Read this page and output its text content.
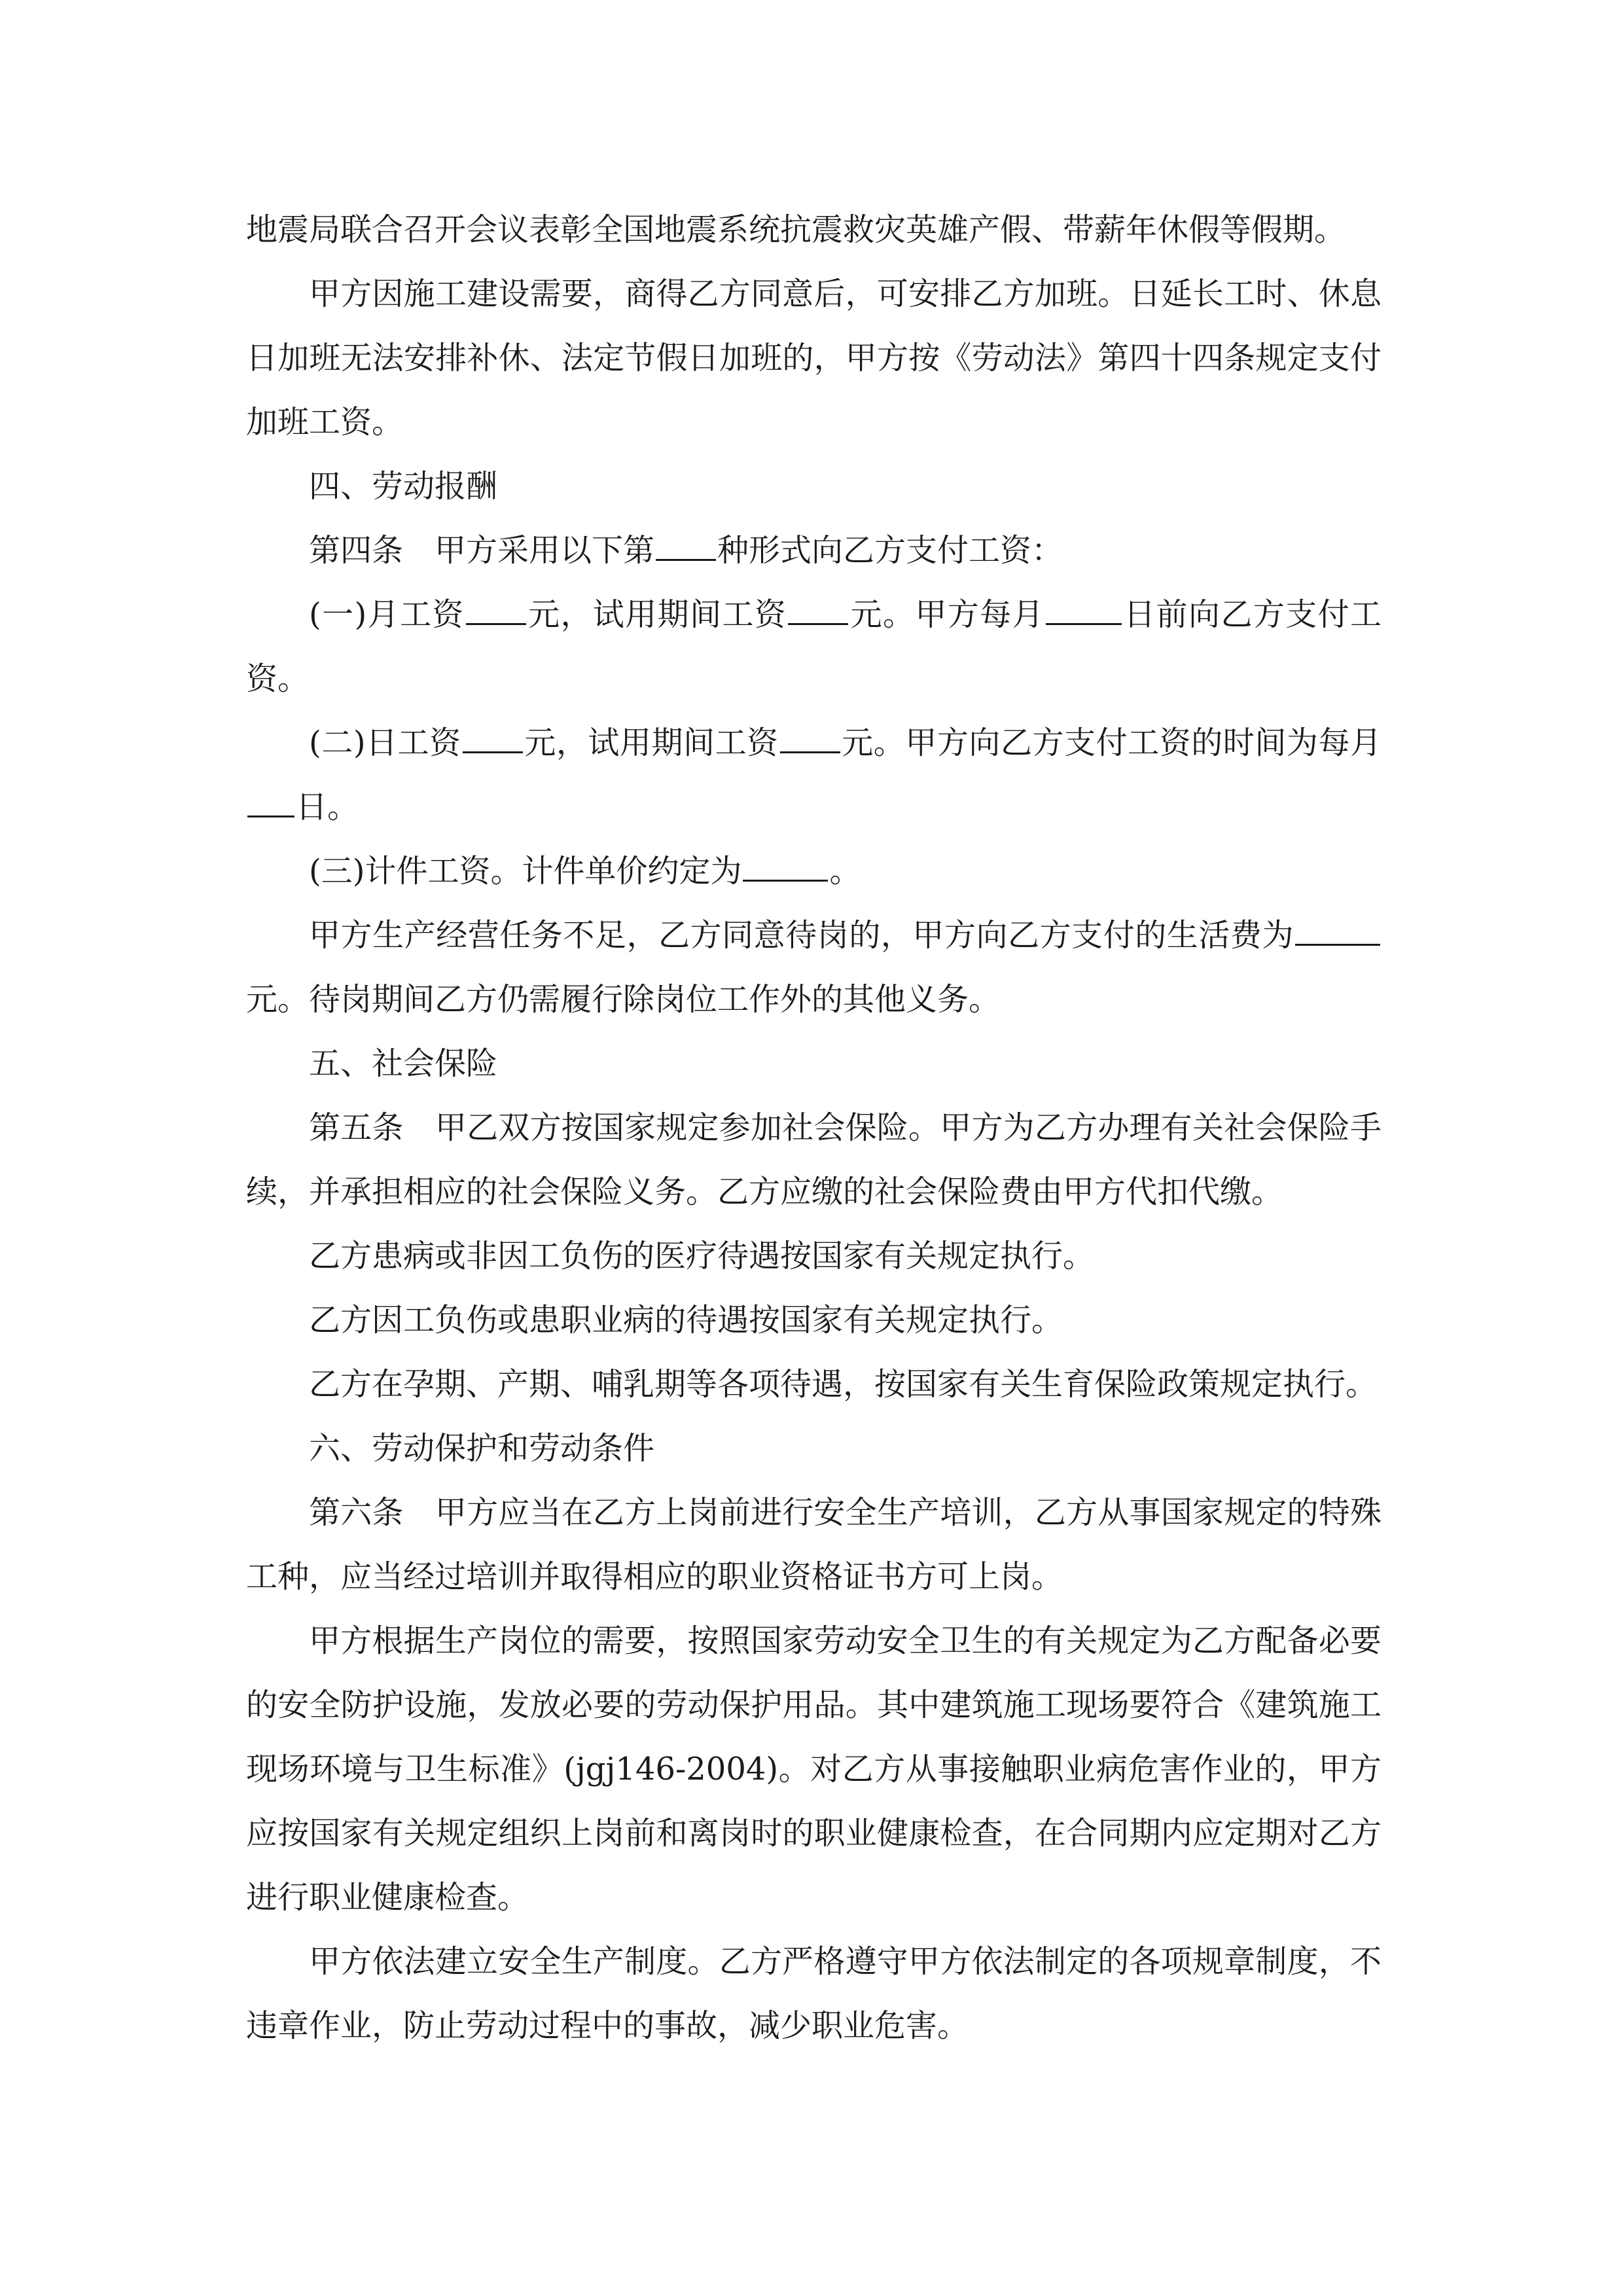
地震局联合召开会议表彰全国地震系统抗震救灾英雄产假、带薪年休假等假期。

甲方因施工建设需要，商得乙方同意后，可安排乙方加班。日延长工时、休息日加班无法安排补休、法定节假日加班的，甲方按《劳动法》第四十四条规定支付加班工资。

四、劳动报酬

第四条 甲方采用以下第 种形式向乙方支付工资：

(一)月工资 元，试用期间工资 元。甲方每月	日前向乙方支付工资。

(二)日工资 元，试用期间工资 元。甲方向乙方支付工资的时间为每月日。

(三)计件工资。计件单价约定为	。

甲方生产经营任务不足，乙方同意待岗的，甲方向乙方支付的生活费为元。待岗期间乙方仍需履行除岗位工作外的其他义务。

五、社会保险

第五条 甲乙双方按国家规定参加社会保险。甲方为乙方办理有关社会保险手续，并承担相应的社会保险义务。乙方应缴的社会保险费由甲方代扣代缴。

乙方患病或非因工负伤的医疗待遇按国家有关规定执行。

乙方因工负伤或患职业病的待遇按国家有关规定执行。

乙方在孕期、产期、哺乳期等各项待遇，按国家有关生育保险政策规定执行。

六、劳动保护和劳动条件

第六条 甲方应当在乙方上岗前进行安全生产培训，乙方从事国家规定的特殊工种，应当经过培训并取得相应的职业资格证书方可上岗。

甲方根据生产岗位的需要，按照国家劳动安全卫生的有关规定为乙方配备必要的安全防护设施，发放必要的劳动保护用品。其中建筑施工现场要符合《建筑施工现场环境与卫生标准》(jgj146-2004)。对乙方从事接触职业病危害作业的，甲方应按国家有关规定组织上岗前和离岗时的职业健康检查，在合同期内应定期对乙方进行职业健康检查。

甲方依法建立安全生产制度。乙方严格遵守甲方依法制定的各项规章制度，不违章作业，防止劳动过程中的事故，减少职业危害。
